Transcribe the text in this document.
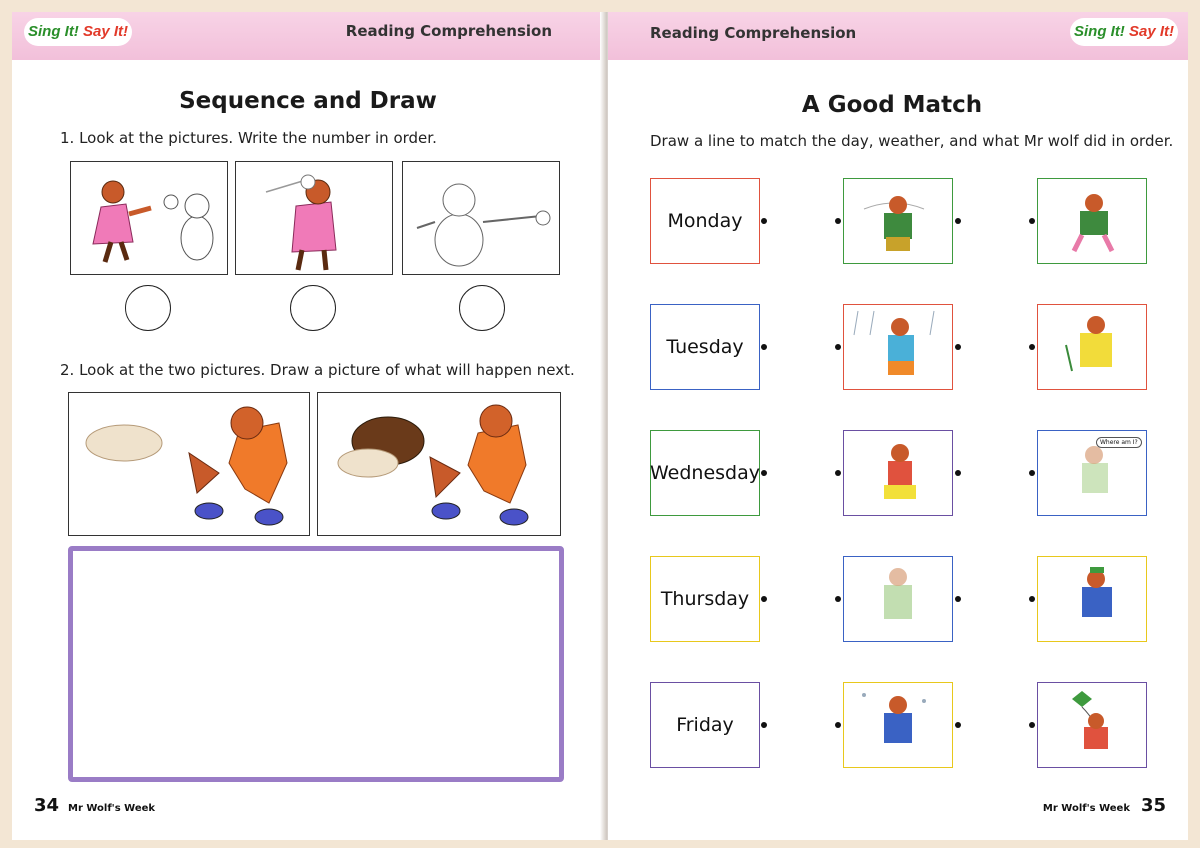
Sing It! Say It!	Reading Comprehension
Sequence and Draw
1. Look at the pictures. Write the number in order.
2. Look at the two pictures. Draw a picture of what will happen next.
34 Mr Wolf's Week
Reading Comprehension	Sing It! Say It!
A Good Match
Draw a line to match the day, weather, and what Mr wolf did in order.
Monday
Tuesday
Wednesday
Where am I?
Thursday
Friday
Mr Wolf's Week 35
